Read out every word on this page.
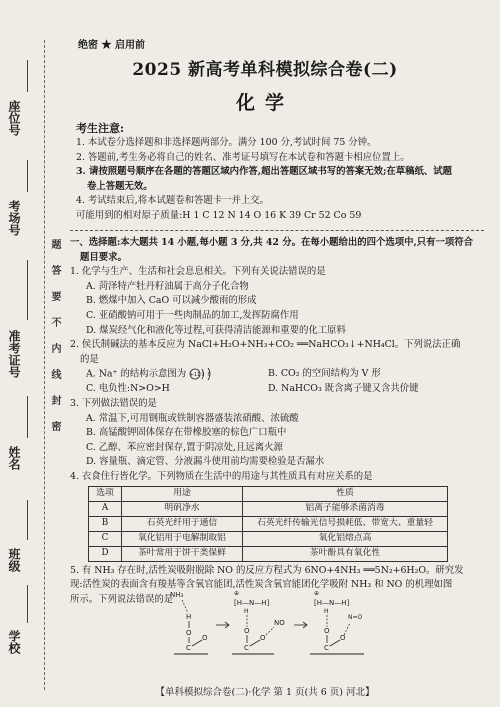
座位号
考场号
准考证号
姓名
班级
学校
题
答
要
不
内
线
封
密
绝密 ★ 启用前
2025 新高考单科模拟综合卷(二)
化学
考生注意:
1. 本试卷分选择题和非选择题两部分。满分 100 分,考试时间 75 分钟。
2. 答题前,考生务必将自己的姓名、准考证号填写在本试卷和答题卡相应位置上。
3. 请按照题号顺序在各题的答题区域内作答,超出答题区域书写的答案无效;在草稿纸、试题
卷上答题无效。
4. 考试结束后,将本试题卷和答题卡一并上交。
可能用到的相对原子质量:H 1 C 12 N 14 O 16 K 39 Cr 52 Co 59
一、选择题:本大题共 14 小题,每小题 3 分,共 42 分。在每小题给出的四个选项中,只有一项符合
题目要求。
1. 化学与生产、生活和社会息息相关。下列有关说法错误的是
A. 菏泽特产牡丹籽油属于高分子化合物
B. 燃煤中加入 CaO 可以减少酸雨的形成
C. 亚硝酸钠可用于一些肉制品的加工,发挥防腐作用
D. 煤炭经气化和液化等过程,可获得清洁能源和重要的化工原料
2. 侯氏制碱法的基本反应为 NaCl+H₂O+NH₃+CO₂ ══NaHCO₃↓+NH₄Cl。下列说法正确
的是
A. Na⁺ 的结构示意图为 +11 2 8	B. CO₂ 的空间结构为 V 形
C. 电负性:N>O>H	D. NaHCO₃ 既含离子键又含共价键
3. 下列做法错误的是
A. 常温下,可用钢瓶或铁制容器盛装浓硝酸、浓硫酸
B. 高锰酸钾固体保存在带橡胶塞的棕色广口瓶中
C. 乙醇、苯应密封保存,置于阴凉处,且远离火源
D. 容量瓶、滴定管、分液漏斗使用前均需要检验是否漏水
4. 衣食住行皆化学。下列物质在生活中的用途与其性质具有对应关系的是
选项	用途	性质
A	明矾净水	铝离子能够杀菌消毒
B	石英光纤用于通信	石英光纤传输光信号损耗低、带宽大、重量轻
C	氧化铝用于电解制取铝	氧化铝熔点高
D	茶叶常用于饼干类保鲜	茶叶酚具有氧化性
5. 有 NH₃ 存在时,活性炭吸附脱除 NO 的反应方程式为 6NO+4NH₃ ══5N₂+6H₂O。研究发
现:活性炭的表面含有羧基等含氧官能团,活性炭含氧官能团化学吸附 NH₃ 和 NO 的机理如图
所示。下列说法错误的是
NH₃
H
O
C
O
⊕
[H—N—H]
H
O
C
O
NO
⊕
[H—N—H]
H
O
C
O
N=O
【单科模拟综合卷(二)·化学 第 1 页(共 6 页) 河北】
